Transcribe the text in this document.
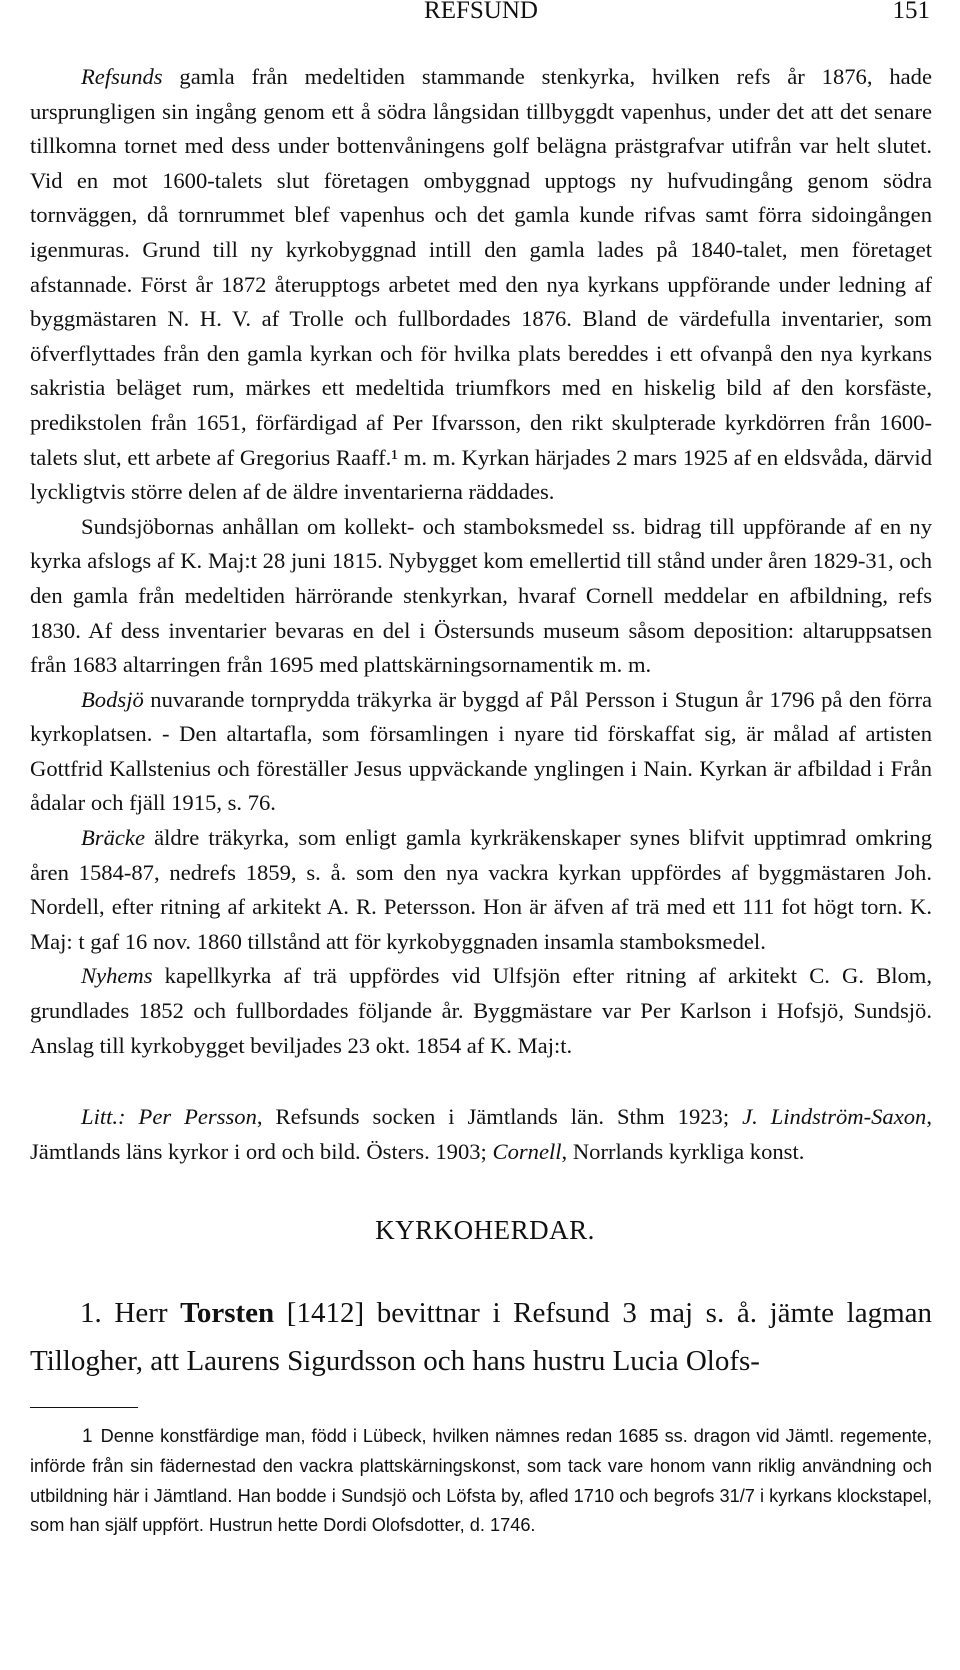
REFSUND	151

Refsunds gamla från medeltiden stammande stenkyrka, hvilken refs år 1876, hade ursprungligen sin ingång genom ett å södra långsidan tillbyggdt vapenhus, under det att det senare tillkomna tornet med dess under bottenvåningens golf belägna prästgrafvar utifrån var helt slutet. Vid en mot 1600-talets slut företagen ombyggnad upptogs ny hufvudingång genom södra tornväggen, då tornrummet blef vapenhus och det gamla kunde rifvas samt förra sidoingången igenmuras. Grund till ny kyrkobyggnad intill den gamla lades på 1840-talet, men företaget afstannade. Först år 1872 återupptogs arbetet med den nya kyrkans uppförande under ledning af byggmästaren N. H. V. af Trolle och fullbordades 1876. Bland de värdefulla inventarier, som öfverflyttades från den gamla kyrkan och för hvilka plats bereddes i ett ofvanpå den nya kyrkans sakristia beläget rum, märkes ett medeltida triumfkors med en hiskelig bild af den korsfäste, predikstolen från 1651, förfärdigad af Per Ifvarsson, den rikt skulpterade kyrkdörren från 1600-talets slut, ett arbete af Gregorius Raaff.¹ m. m. Kyrkan härjades 2 mars 1925 af en eldsvåda, därvid lyckligtvis större delen af de äldre inventarierna räddades.

Sundsjöbornas anhållan om kollekt- och stamboksmedel ss. bidrag till uppförande af en ny kyrka afslogs af K. Maj:t 28 juni 1815. Nybygget kom emellertid till stånd under åren 1829-31, och den gamla från medeltiden härrörande stenkyrkan, hvaraf Cornell meddelar en afbildning, refs 1830. Af dess inventarier bevaras en del i Östersunds museum såsom deposition: altaruppsatsen från 1683 altarringen från 1695 med plattskärningsornamentik m. m.

Bodsjö nuvarande tornprydda träkyrka är byggd af Pål Persson i Stugun år 1796 på den förra kyrkoplatsen. - Den altartafla, som församlingen i nyare tid förskaffat sig, är målad af artisten Gottfrid Kallstenius och föreställer Jesus uppväckande ynglingen i Nain. Kyrkan är afbildad i Från ådalar och fjäll 1915, s. 76.

Bräcke äldre träkyrka, som enligt gamla kyrkräkenskaper synes blifvit upptimrad omkring åren 1584-87, nedrefs 1859, s. å. som den nya vackra kyrkan uppfördes af byggmästaren Joh. Nordell, efter ritning af arkitekt A. R. Petersson. Hon är äfven af trä med ett 111 fot högt torn. K. Maj: t gaf 16 nov. 1860 tillstånd att för kyrkobyggnaden insamla stamboksmedel.

Nyhems kapellkyrka af trä uppfördes vid Ulfsjön efter ritning af arkitekt C. G. Blom, grundlades 1852 och fullbordades följande år. Byggmästare var Per Karlson i Hofsjö, Sundsjö. Anslag till kyrkobygget beviljades 23 okt. 1854 af K. Maj:t.

Litt.: Per Persson, Refsunds socken i Jämtlands län. Sthm 1923; J. Lindström-Saxon, Jämtlands läns kyrkor i ord och bild. Östers. 1903; Cornell, Norrlands kyrkliga konst.
KYRKOHERDAR.
1. Herr Torsten [1412] bevittnar i Refsund 3 maj s. å. jämte lagman Tillogher, att Laurens Sigurdsson och hans hustru Lucia Olofs-
1 Denne konstfärdige man, född i Lübeck, hvilken nämnes redan 1685 ss. dragon vid Jämtl. regemente, införde från sin fädernestad den vackra plattskärningskonst, som tack vare honom vann riklig användning och utbildning här i Jämtland. Han bodde i Sundsjö och Löfsta by, afled 1710 och begrofs 31/7 i kyrkans klockstapel, som han själf uppfört. Hustrun hette Dordi Olofsdotter, d. 1746.
